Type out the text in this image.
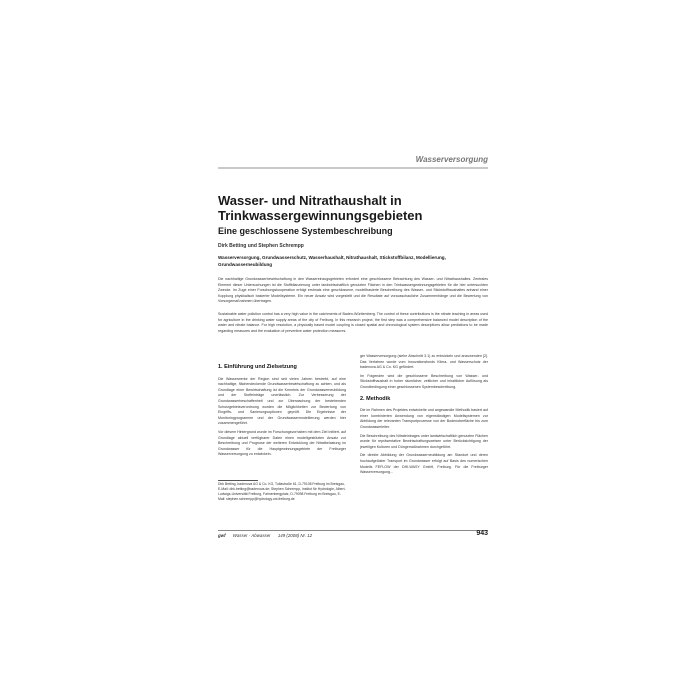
Wasserversorgung
Wasser- und Nitrathaushalt in Trinkwassergewinnungsgebieten
Eine geschlossene Systembeschreibung
Dirk Betting und Stephen Schrempp
Wasserversorgung, Grundwasserschutz, Wasserhaushalt, Nitrathaushalt, Stickstoffbilanz, Modellierung, Grundwasserneubildung
Die nachhaltige Grundwasserbewirtschaftung in den Wassereinzugsgebieten erfordert eine geschlossene Betrachtung des Wasser- und Nitrathaushaltes. Zentrales Element dieser Untersuchungen ist die Stoffbilanzierung unter landwirtschaftlich genutzten Flächen in den Trinkwassergewinnungsgebieten für die hier untersuchten Zwecke. Im Zuge einer Forschungskooperation erfolgt erstmals eine geschlossene, modellbasierte Beschreibung des Wasser- und Stickstoffhaushaltes anhand einer Kopplung physikalisch basierter Modellsysteme. Ein neuer Ansatz wird vorgestellt und die Resultate auf vorausschauliche Zusammenhänge und die Bewertung von Vorsorgemaßnahmen übertragen.
Sustainable water pollution control has a very high value in the catchments of Baden-Württemberg. The control of these contributions is the nitrate leaching in areas used for agriculture in the drinking water supply areas of the city of Freiburg. In this research project, the first step was a comprehensive balanced model description of the water and nitrate balance. For high resolution, a physically based model coupling is closed spatial and chronological system descriptions allow predictions to be made regarding measures and the evaluation of preventive water protection measures.
1. Einführung und Zielsetzung

Die Wasserwerke der Region sind seit vielen Jahren bestrebt, auf eine nachhaltige, flächendeckende Grundwasserbewirtschaftung zu achten, und als Grundlage einer Bewirtschaftung ist die Kenntnis der Grundwasserneubildung und der Stoffeinträge unerlässlich. Zur Verbesserung der Grundwasserbeschaffenheit und zur Überwachung der bestehenden Schutzgebietsverordnung wurden die Möglichkeiten zur Bewertung von Eingriffs- und Sanierungsoptionen geprüft. Die Ergebnisse der Monitoringprogramme und der Grundwassermodellierung werden hier zusammengeführt.

Vor diesem Hintergrund wurde im Forschungsvorhaben mit dem Ziel initiiert, auf Grundlage aktuell verfügbarer Daten einen modellgestützten Ansatz zur Beschreibung und Prognose der weiteren Entwicklung der Nitratbelastung im Grundwasser für die Hauptgewinnungsgebiete der Freiburger Wasserversorgung zu entwickeln.

Dirk Betting, badenova AG & Co. KG, Tullastraße 61, D-79108 Freiburg im Breisgau, E-Mail: dirk.betting@badenova.de; Stephen Schrempp, Institut für Hydrologie, Albert-Ludwigs-Universität Freiburg, Fahnenbergplatz, D-79098 Freiburg im Breisgau, E-Mail: stephen.schrempp@hydrology.uni-freiburg.de

ger Wasserversorgung (siehe Abschnitt 3.1) zu entwickeln und anzuwenden [2]. Das Verfahren wurde vom Innovationsfonds Klima- und Wasserschutz der badenova AG & Co. KG gefördert.

Im Folgenden wird die geschlossene Beschreibung von Wasser- und Stickstoffhaushalt in hoher räumlicher, zeitlicher und inhaltlicher Auflösung als Grundbedingung einer geschlossenen Systembeschreibung.

2. Methodik

Die im Rahmen des Projektes entwickelte und angewandte Methodik basiert auf einer kombinierten Anwendung von eigenständigen Modellsystemen zur Abbildung der relevanten Transportprozesse von der Bodenoberfläche bis zum Grundwasserleiter.

Die Beschreibung des Nitrateintrages unter landwirtschaftlich genutzten Flächen wurde für repräsentative Bewirtschaftungsweisen unter Berücksichtigung der jeweiligen Kulturen und Düngemaßnahmen durchgeführt.

Die direkte Abbildung der Grundwasserneubildung am Standort und deren hochaufgelöster Transport im Grundwasser erfolgt auf Basis des numerischen Modells FEFLOW der DHI-WASY GmbH, Freiburg. Für die Freiburger Wasserversorgung...

gwf Wasser · Abwasser 149 (2008) Nr. 12	943
